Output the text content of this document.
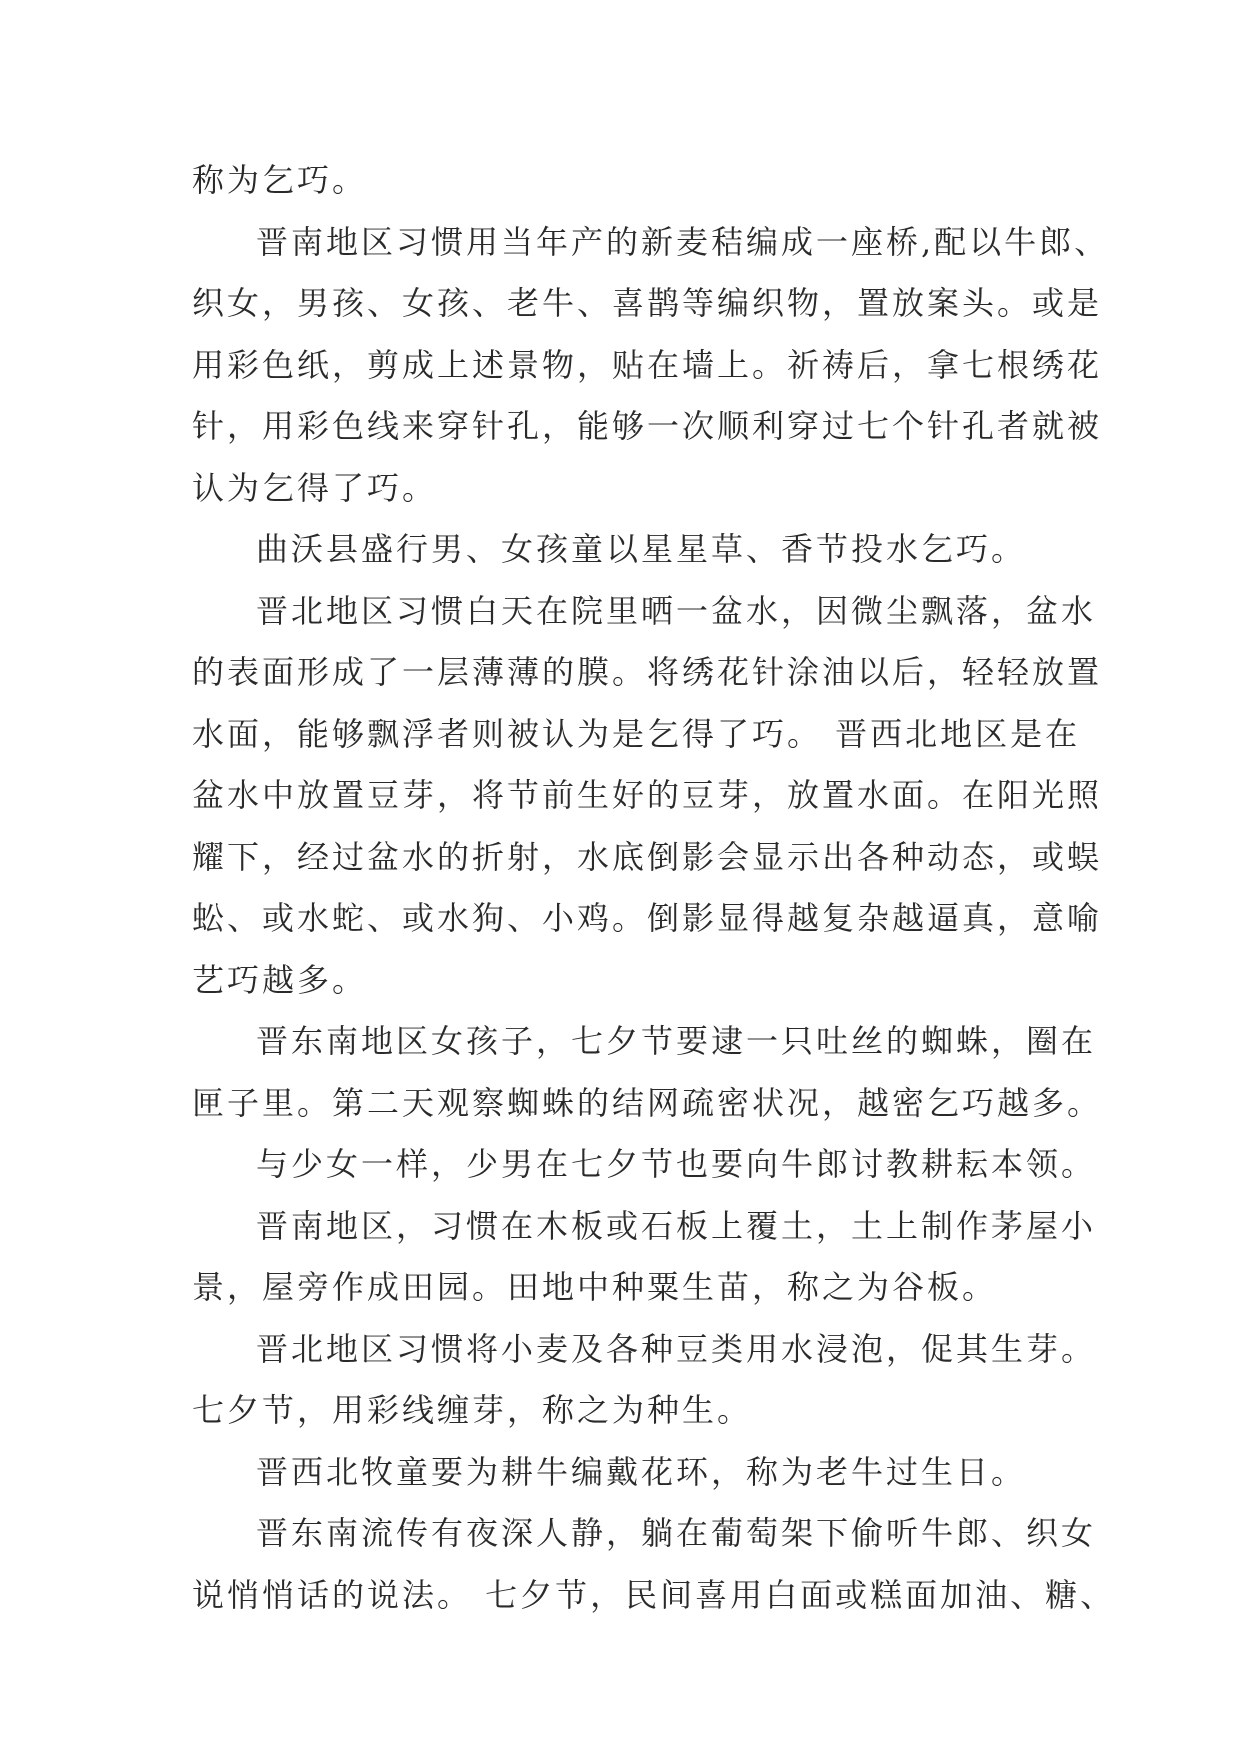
称为乞巧。
晋南地区习惯用当年产的新麦秸编成一座桥,配以牛郎、
织女，男孩、女孩、老牛、喜鹊等编织物，置放案头。或是
用彩色纸，剪成上述景物，贴在墙上。祈祷后，拿七根绣花
针，用彩色线来穿针孔，能够一次顺利穿过七个针孔者就被
认为乞得了巧。
曲沃县盛行男、女孩童以星星草、香节投水乞巧。
晋北地区习惯白天在院里晒一盆水，因微尘飘落，盆水
的表面形成了一层薄薄的膜。将绣花针涂油以后，轻轻放置
水面，能够飘浮者则被认为是乞得了巧。 晋西北地区是在
盆水中放置豆芽，将节前生好的豆芽，放置水面。在阳光照
耀下，经过盆水的折射，水底倒影会显示出各种动态，或蜈
蚣、或水蛇、或水狗、小鸡。倒影显得越复杂越逼真，意喻
艺巧越多。
晋东南地区女孩子，七夕节要逮一只吐丝的蜘蛛，圈在
匣子里。第二天观察蜘蛛的结网疏密状况，越密乞巧越多。
与少女一样，少男在七夕节也要向牛郎讨教耕耘本领。
晋南地区，习惯在木板或石板上覆土，土上制作茅屋小
景，屋旁作成田园。田地中种粟生苗，称之为谷板。
晋北地区习惯将小麦及各种豆类用水浸泡，促其生芽。
七夕节，用彩线缠芽，称之为种生。
晋西北牧童要为耕牛编戴花环，称为老牛过生日。
晋东南流传有夜深人静，躺在葡萄架下偷听牛郎、织女
说悄悄话的说法。 七夕节，民间喜用白面或糕面加油、糖、
